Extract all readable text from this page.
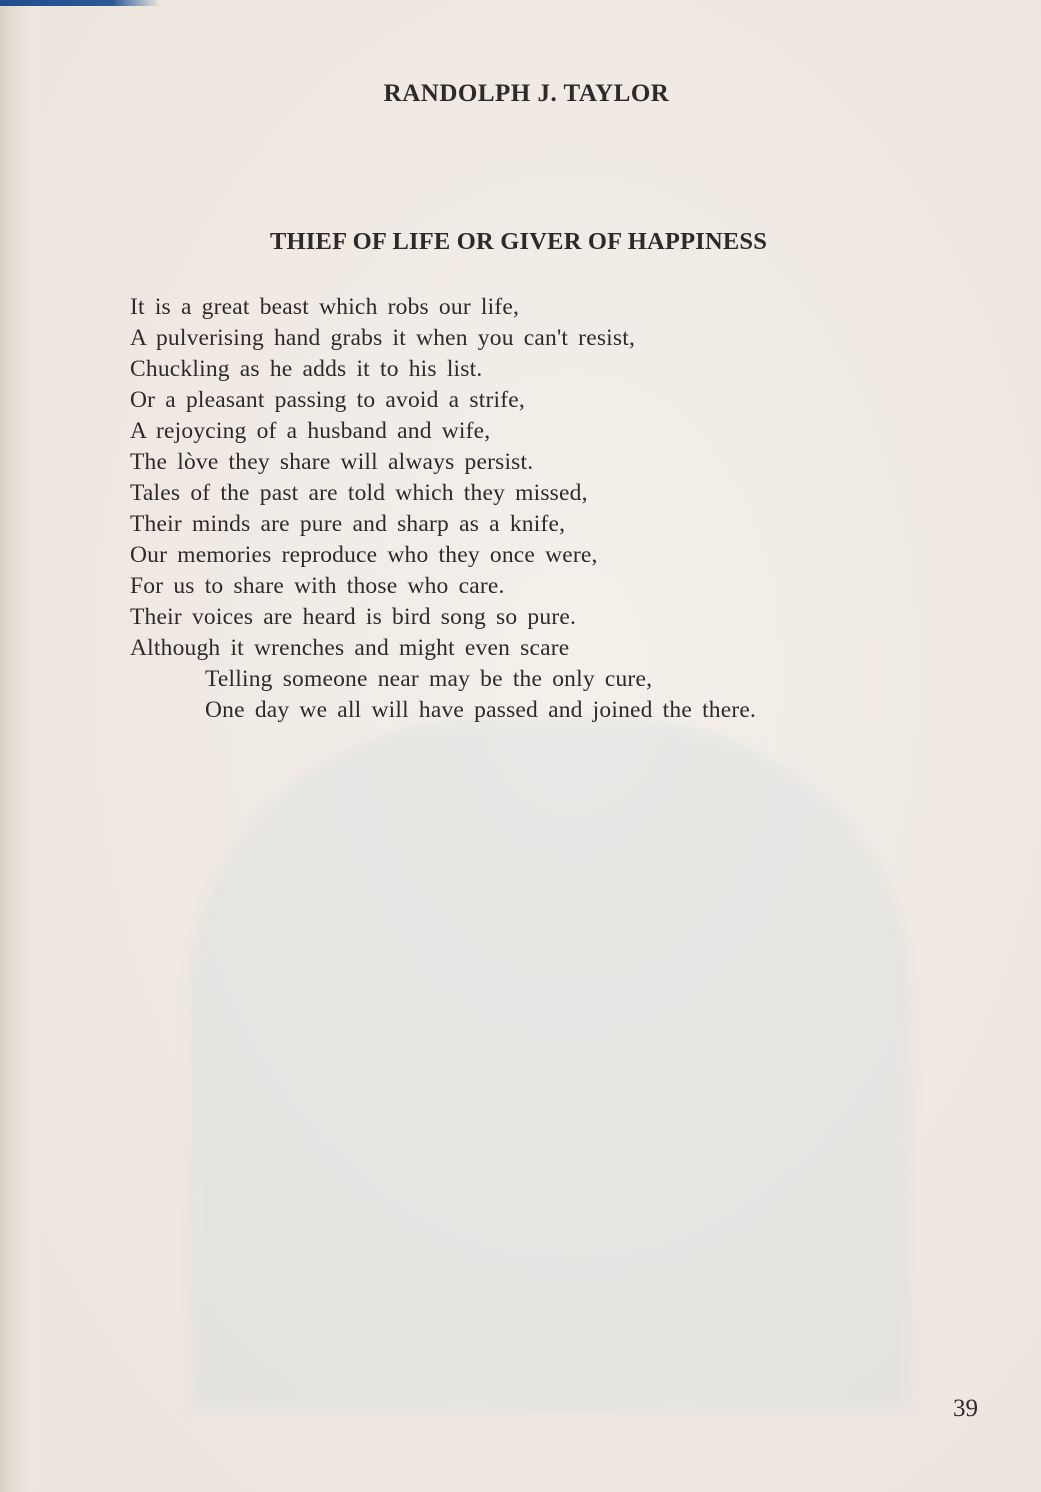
RANDOLPH J. TAYLOR
THIEF OF LIFE OR GIVER OF HAPPINESS
It is a great beast which robs our life,
A pulverising hand grabs it when you can't resist,
Chuckling as he adds it to his list.
Or a pleasant passing to avoid a strife,
A rejoycing of a husband and wife,
The lòve they share will always persist.
Tales of the past are told which they missed,
Their minds are pure and sharp as a knife,
Our memories reproduce who they once were,
For us to share with those who care.
Their voices are heard is bird song so pure.
Although it wrenches and might even scare
Telling someone near may be the only cure,
One day we all will have passed and joined the there.
39
